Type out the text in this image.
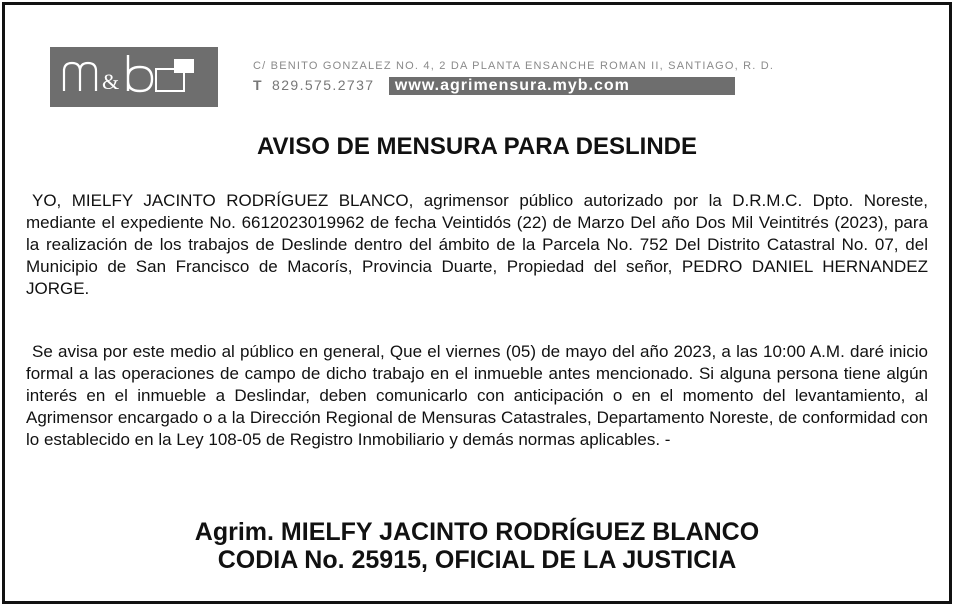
&
C/ BENITO GONZALEZ NO. 4, 2 DA PLANTA ENSANCHE ROMAN II, SANTIAGO, R. D.
T 829.575.2737 www.agrimensura.myb.com
AVISO DE MENSURA PARA DESLINDE

YO, MIELFY JACINTO RODRÍGUEZ BLANCO, agrimensor público autorizado por la D.R.M.C. Dpto. Noreste, mediante el expediente No. 6612023019962 de fecha Veintidós (22) de Marzo Del año Dos Mil Veintitrés (2023), para la realización de los trabajos de Deslinde dentro del ámbito de la Parcela No. 752 Del Distrito Catastral No. 07, del Municipio de San Francisco de Macorís, Provincia Duarte, Propiedad del señor, PEDRO DANIEL HERNANDEZ JORGE.

Se avisa por este medio al público en general, Que el viernes (05) de mayo del año 2023, a las 10:00 A.M. daré inicio formal a las operaciones de campo de dicho trabajo en el inmueble antes mencionado. Si alguna persona tiene algún interés en el inmueble a Deslindar, deben comunicarlo con anticipación o en el momento del levantamiento, al Agrimensor encargado o a la Dirección Regional de Mensuras Catastrales, Departamento Noreste, de conformidad con lo establecido en la Ley 108-05 de Registro Inmobiliario y demás normas aplicables. -

Agrim. MIELFY JACINTO RODRÍGUEZ BLANCO

CODIA No. 25915, OFICIAL DE LA JUSTICIA
